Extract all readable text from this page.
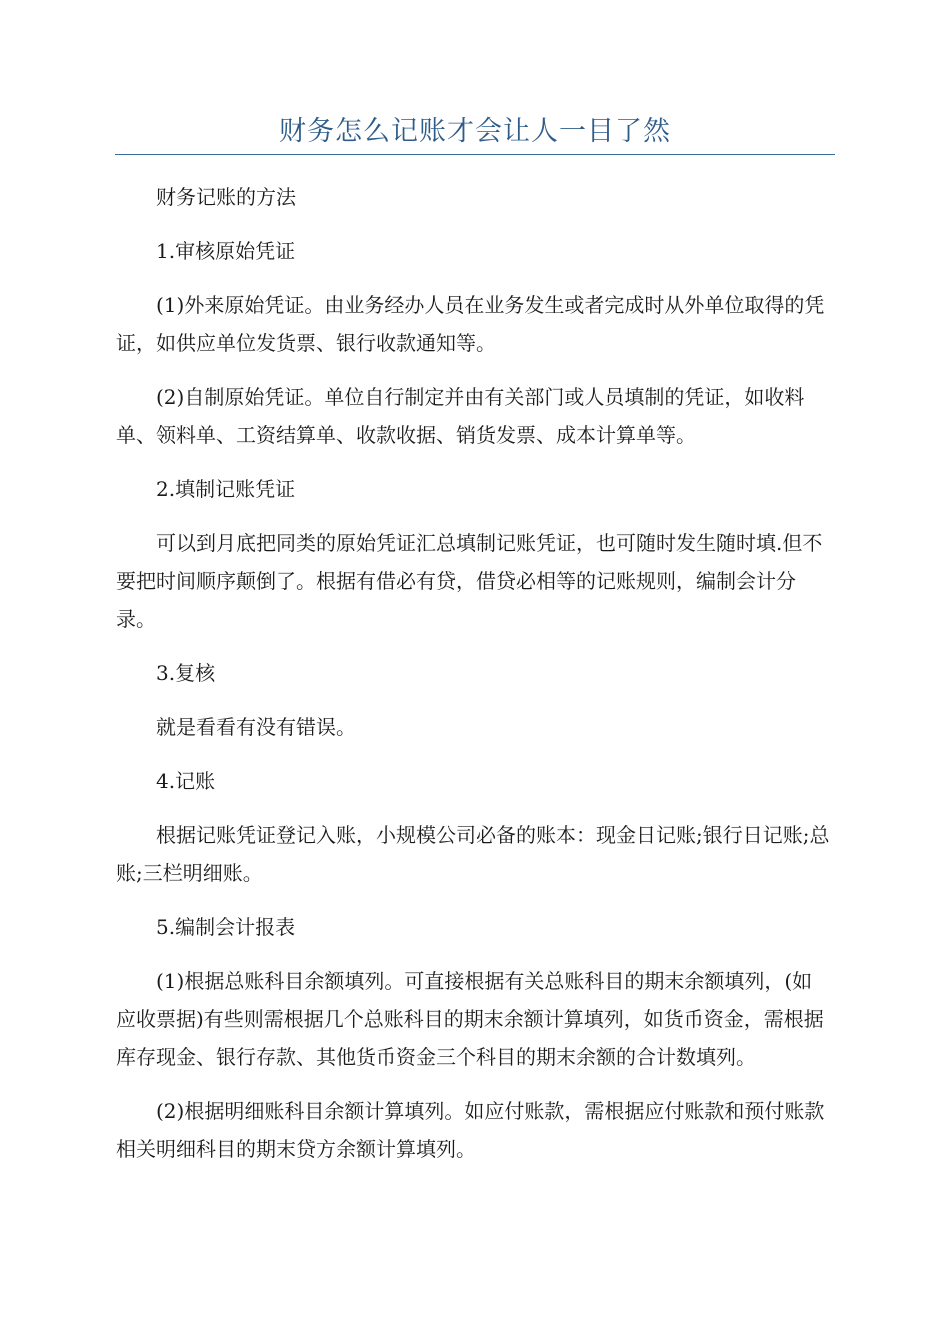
财务怎么记账才会让人一目了然

财务记账的方法

1.审核原始凭证

(1)外来原始凭证。由业务经办人员在业务发生或者完成时从外单位取得的凭证，如供应单位发货票、银行收款通知等。

(2)自制原始凭证。单位自行制定并由有关部门或人员填制的凭证，如收料单、领料单、工资结算单、收款收据、销货发票、成本计算单等。

2.填制记账凭证

可以到月底把同类的原始凭证汇总填制记账凭证，也可随时发生随时填.但不要把时间顺序颠倒了。根据有借必有贷，借贷必相等的记账规则，编制会计分录。

3.复核

就是看看有没有错误。

4.记账

根据记账凭证登记入账，小规模公司必备的账本：现金日记账;银行日记账;总账;三栏明细账。

5.编制会计报表

(1)根据总账科目余额填列。可直接根据有关总账科目的期末余额填列，(如应收票据)有些则需根据几个总账科目的期末余额计算填列，如货币资金，需根据库存现金、银行存款、其他货币资金三个科目的期末余额的合计数填列。

(2)根据明细账科目余额计算填列。如应付账款，需根据应付账款和预付账款相关明细科目的期末贷方余额计算填列。
